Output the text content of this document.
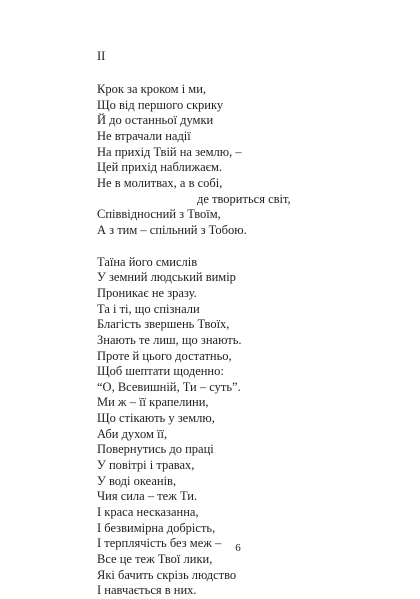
II

Крок за кроком і ми,
Що від першого скрику
Й до останньої думки
Не втрачали надії
На прихід Твій на землю, –
Цей прихід наближаєм.
Не в молитвах, а в собі,
де твориться світ,
Співвідносний з Твоїм,
А з тим – спільний з Тобою.

Таїна його смислів
У земний людський вимір
Проникає не зразу.
Та і ті, що спізнали
Благість звершень Твоїх,
Знають те лиш, що знають.
Проте й цього достатньо,
Щоб шептати щоденно:
“О, Всевишній, Ти – суть”.
Ми ж – її крапелини,
Що стікають у землю,
Аби духом її,
Повернутись до праці
У повітрі і травах,
У воді океанів,
Чия сила – теж Ти.
І краса несказанна,
І безвимірна добрість,
І терплячість без меж –
Все це теж Твої лики,
Які бачить скрізь людство
І навчається в них.

6
